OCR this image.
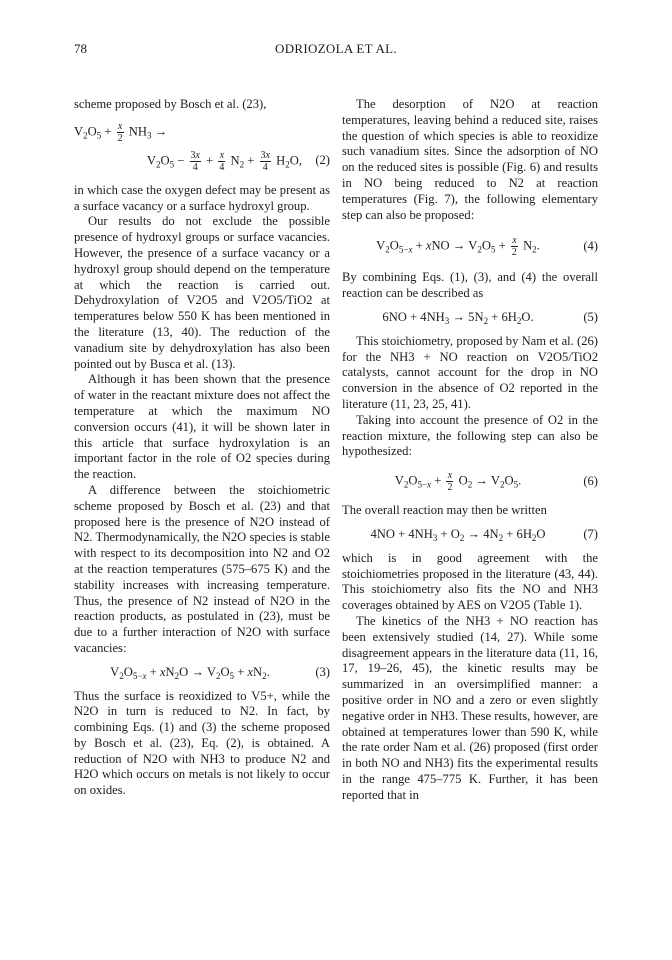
78	ODRIOZOLA ET AL.

scheme proposed by Bosch et al. (23),

$V_2O_5 + \frac{x}{2} NH_3$ →
$V_2O_5 - \frac{3x}{4} + \frac{x}{4} N_2 + \frac{3x}{4} H_2O$,	(2)

in which case the oxygen defect may be present as a surface vacancy or a surface hydroxyl group.

Our results do not exclude the possible presence of hydroxyl groups or surface vacancies. However, the presence of a surface vacancy or a hydroxyl group should depend on the temperature at which the reaction is carried out. Dehydroxylation of V2O5 and V2O5/TiO2 at temperatures below 550 K has been mentioned in the literature (13, 40). The reduction of the vanadium site by dehydroxylation has also been pointed out by Busca et al. (13).

Although it has been shown that the presence of water in the reactant mixture does not affect the temperature at which the maximum NO conversion occurs (41), it will be shown later in this article that surface hydroxylation is an important factor in the role of O2 species during the reaction.

A difference between the stoichiometric scheme proposed by Bosch et al. (23) and that proposed here is the presence of N2O instead of N2. Thermodynamically, the N2O species is stable with respect to its decomposition into N2 and O2 at the reaction temperatures (575–675 K) and the stability increases with increasing temperature. Thus, the presence of N2 instead of N2O in the reaction products, as postulated in (23), must be due to a further interaction of N2O with surface vacancies:

$V_2O_{5-x} + xN_2O \to V_2O_5 + xN_2$.	(3)

Thus the surface is reoxidized to V5+, while the N2O in turn is reduced to N2. In fact, by combining Eqs. (1) and (3) the scheme proposed by Bosch et al. (23), Eq. (2), is obtained. A reduction of N2O with NH3 to produce N2 and H2O which occurs on metals is not likely to occur on oxides.

The desorption of N2O at reaction temperatures, leaving behind a reduced site, raises the question of which species is able to reoxidize such vanadium sites. Since the adsorption of NO on the reduced sites is possible (Fig. 6) and results in NO being reduced to N2 at reaction temperatures (Fig. 7), the following elementary step can also be proposed:

$V_2O_{5-x}$ + xNO → $V_2O_5 + \frac{x}{2} N_2$.	(4)

By combining Eqs. (1), (3), and (4) the overall reaction can be described as

$6NO + 4NH_3 \to 5N_2 + 6H_2O$.	(5)

This stoichiometry, proposed by Nam et al. (26) for the NH3 + NO reaction on V2O5/TiO2 catalysts, cannot account for the drop in NO conversion in the absence of O2 reported in the literature (11, 23, 25, 41).

Taking into account the presence of O2 in the reaction mixture, the following step can also be hypothesized:

$V_2O_{5-x} + \frac{x}{2} O_2 \to V_2O_5$.	(6)

The overall reaction may then be written

$4NO + 4NH_3 + O_2 \to 4N_2 + 6H_2O$	(7)

which is in good agreement with the stoichiometries proposed in the literature (43, 44). This stoichiometry also fits the NO and NH3 coverages obtained by AES on V2O5 (Table 1).

The kinetics of the NH3 + NO reaction has been extensively studied (14, 27). While some disagreement appears in the literature data (11, 16, 17, 19–26, 45), the kinetic results may be summarized in an oversimplified manner: a positive order in NO and a zero or even slightly negative order in NH3. These results, however, are obtained at temperatures lower than 590 K, while the rate order Nam et al. (26) proposed (first order in both NO and NH3) fits the experimental results in the range 475–775 K. Further, it has been reported that in
